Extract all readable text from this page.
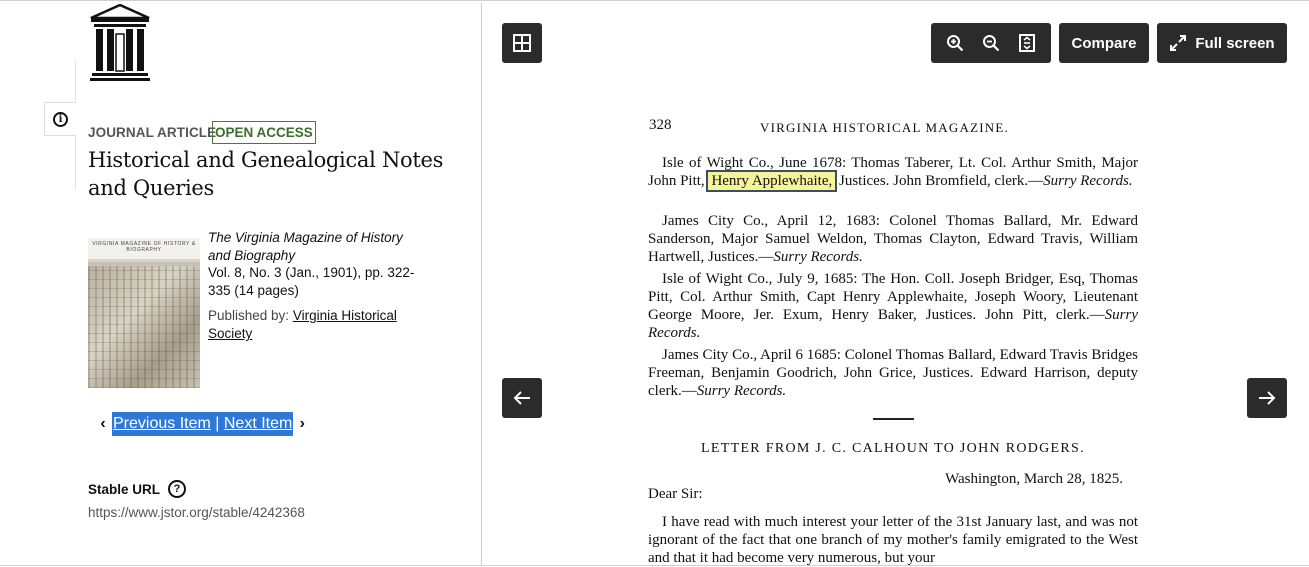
i
JOURNAL ARTICLE
OPEN ACCESS
Historical and Genealogical Notes and Queries
VIRGINIA MAGAZINE OF HISTORY & BIOGRAPHY
The Virginia Magazine of History and Biography
Vol. 8, No. 3 (Jan., 1901), pp. 322-335 (14 pages)
Published by: Virginia Historical Society
‹ Previous Item | Next Item ›
Stable URL	?
https://www.jstor.org/stable/4242368
Compare	Full screen
328	VIRGINIA HISTORICAL MAGAZINE.
Isle of Wight Co., June 1678: Thomas Taberer, Lt. Col. Arthur Smith, Major John Pitt, Henry Applewhaite, Justices. John Bromfield, clerk.—Surry Records.
James City Co., April 12, 1683: Colonel Thomas Ballard, Mr. Edward Sanderson, Major Samuel Weldon, Thomas Clayton, Edward Travis, William Hartwell, Justices.—Surry Records.
Isle of Wight Co., July 9, 1685: The Hon. Coll. Joseph Bridger, Esq, Thomas Pitt, Col. Arthur Smith, Capt Henry Applewhaite, Joseph Woory, Lieutenant George Moore, Jer. Exum, Henry Baker, Justices. John Pitt, clerk.—Surry Records.
James City Co., April 6 1685: Colonel Thomas Ballard, Edward Travis Bridges Freeman, Benjamin Goodrich, John Grice, Justices. Edward Harrison, deputy clerk.—Surry Records.
LETTER FROM J. C. CALHOUN TO JOHN RODGERS.
Washington, March 28, 1825.
Dear Sir:
I have read with much interest your letter of the 31st January last, and was not ignorant of the fact that one branch of my mother's family emigrated to the West and that it had become very numerous, but your
